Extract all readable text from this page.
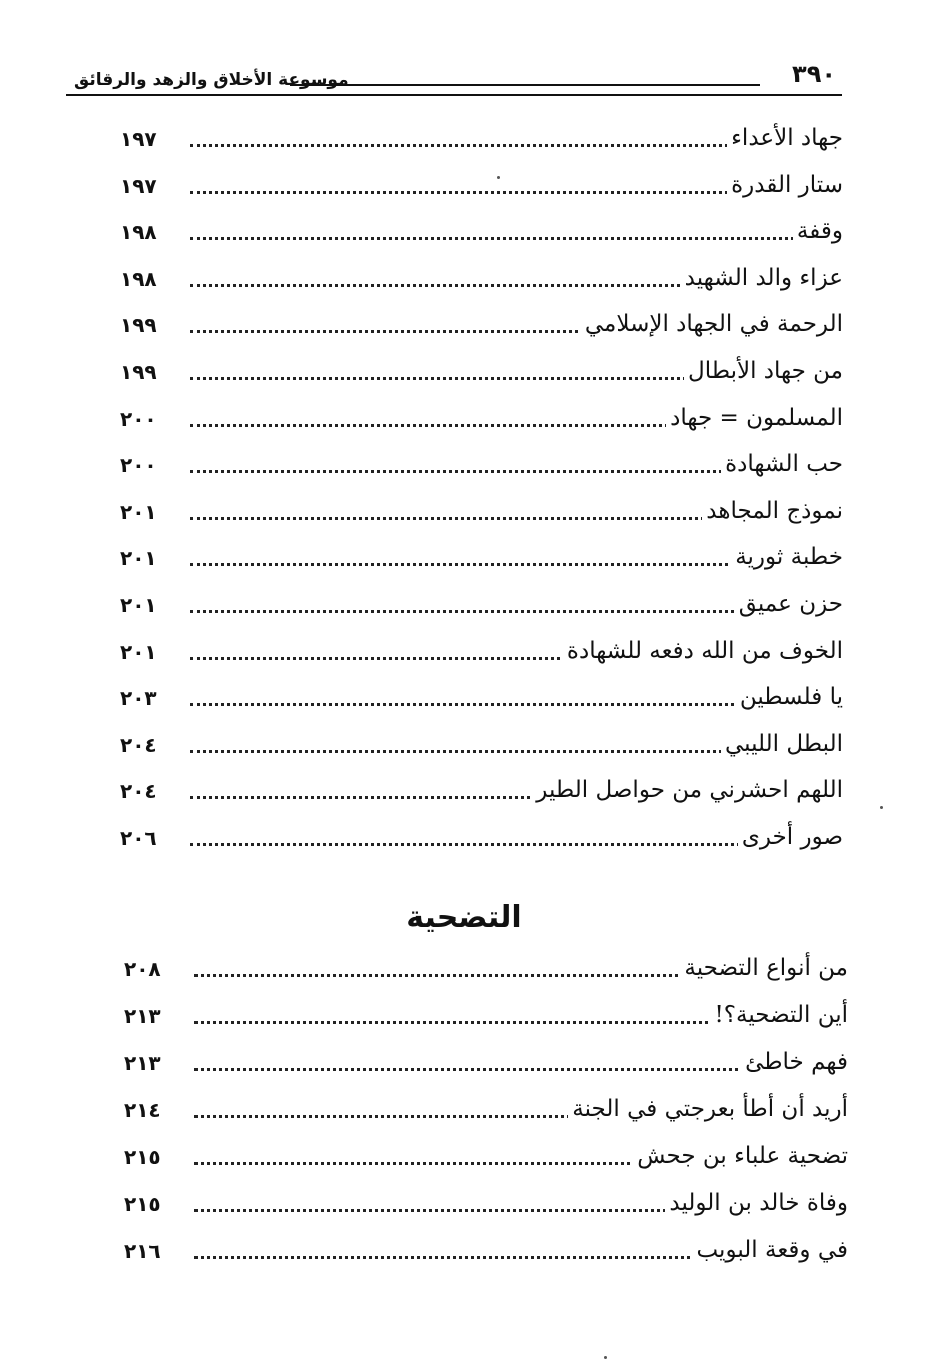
موسوعة الأخلاق والزهد والرقائق	٣٩٠
جهاد الأعداء
١٩٧
ستار القدرة
١٩٧
وقفة
١٩٨
عزاء والد الشهيد
١٩٨
الرحمة في الجهاد الإسلامي
١٩٩
من جهاد الأبطال
١٩٩
المسلمون = جهاد
٢٠٠
حب الشهادة
٢٠٠
نموذج المجاهد
٢٠١
خطبة ثورية
٢٠١
حزن عميق
٢٠١
الخوف من الله دفعه للشهادة
٢٠١
يا فلسطين
٢٠٣
البطل الليبي
٢٠٤
اللهم احشرني من حواصل الطير
٢٠٤
صور أخرى
٢٠٦
التضحية
من أنواع التضحية
٢٠٨
أين التضحية؟!
٢١٣
فهم خاطئ
٢١٣
أريد أن أطأ بعرجتي في الجنة
٢١٤
تضحية علباء بن جحش
٢١٥
وفاة خالد بن الوليد
٢١٥
في وقعة البويب
٢١٦
